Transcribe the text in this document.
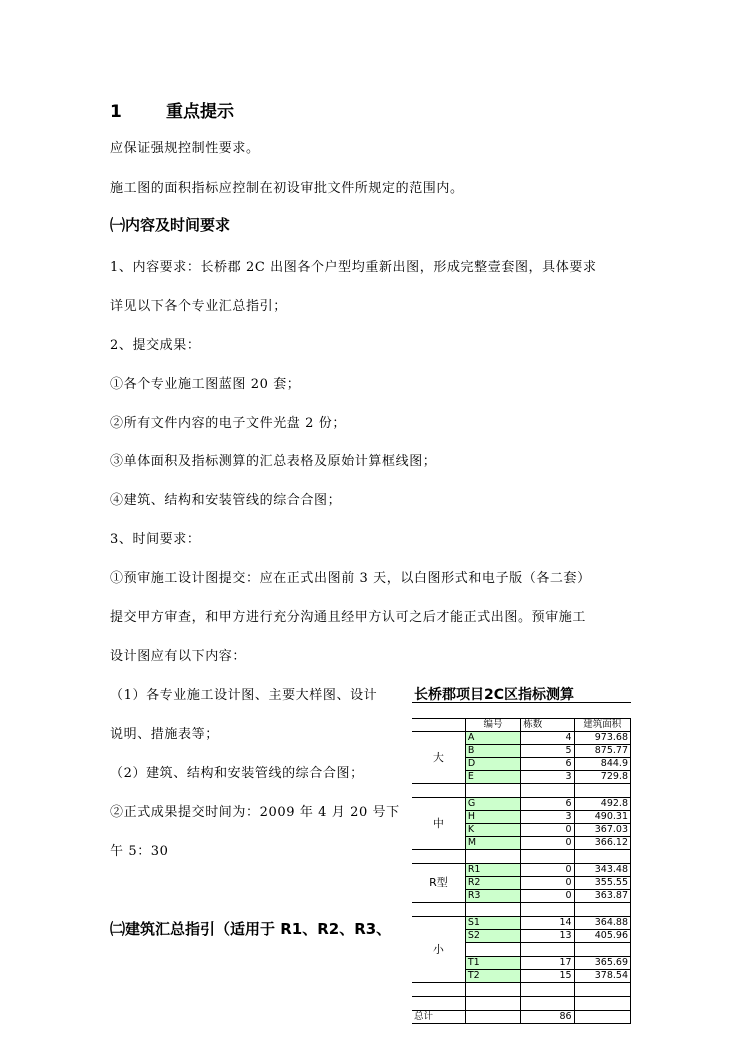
1	重点提示
应保证强规控制性要求。
施工图的面积指标应控制在初设审批文件所规定的范围内。
㈠内容及时间要求
1、内容要求：长桥郡 2C 出图各个户型均重新出图，形成完整壹套图，具体要求
详见以下各个专业汇总指引；
2、提交成果：
①各个专业施工图蓝图 20 套；
②所有文件内容的电子文件光盘 2 份；
③单体面积及指标测算的汇总表格及原始计算框线图；
④建筑、结构和安装管线的综合合图；
3、时间要求：
①预审施工设计图提交：应在正式出图前 3 天，以白图形式和电子版（各二套）
提交甲方审查，和甲方进行充分沟通且经甲方认可之后才能正式出图。预审施工
设计图应有以下内容：
（1）各专业施工设计图、主要大样图、设计
说明、措施表等；
（2）建筑、结构和安装管线的综合合图；
②正式成果提交时间为：2009 年 4 月 20 号下
午 5：30
㈡建筑汇总指引（适用于 R1、R2、R3、
长桥郡项目2C区指标测算
	编号	栋数	建筑面积
大	A	4	973.68
	B	5	875.77
	D	6	844.9
	E	3	729.8

中	G	6	492.8
	H	3	490.31
	K	0	367.03
	M	0	366.12

R型	R1	0	343.48
	R2	0	355.55
	R3	0	363.87

小	S1	14	364.88
	S2	13	405.96

	T1	17	365.69
	T2	15	378.54

总计		86	
